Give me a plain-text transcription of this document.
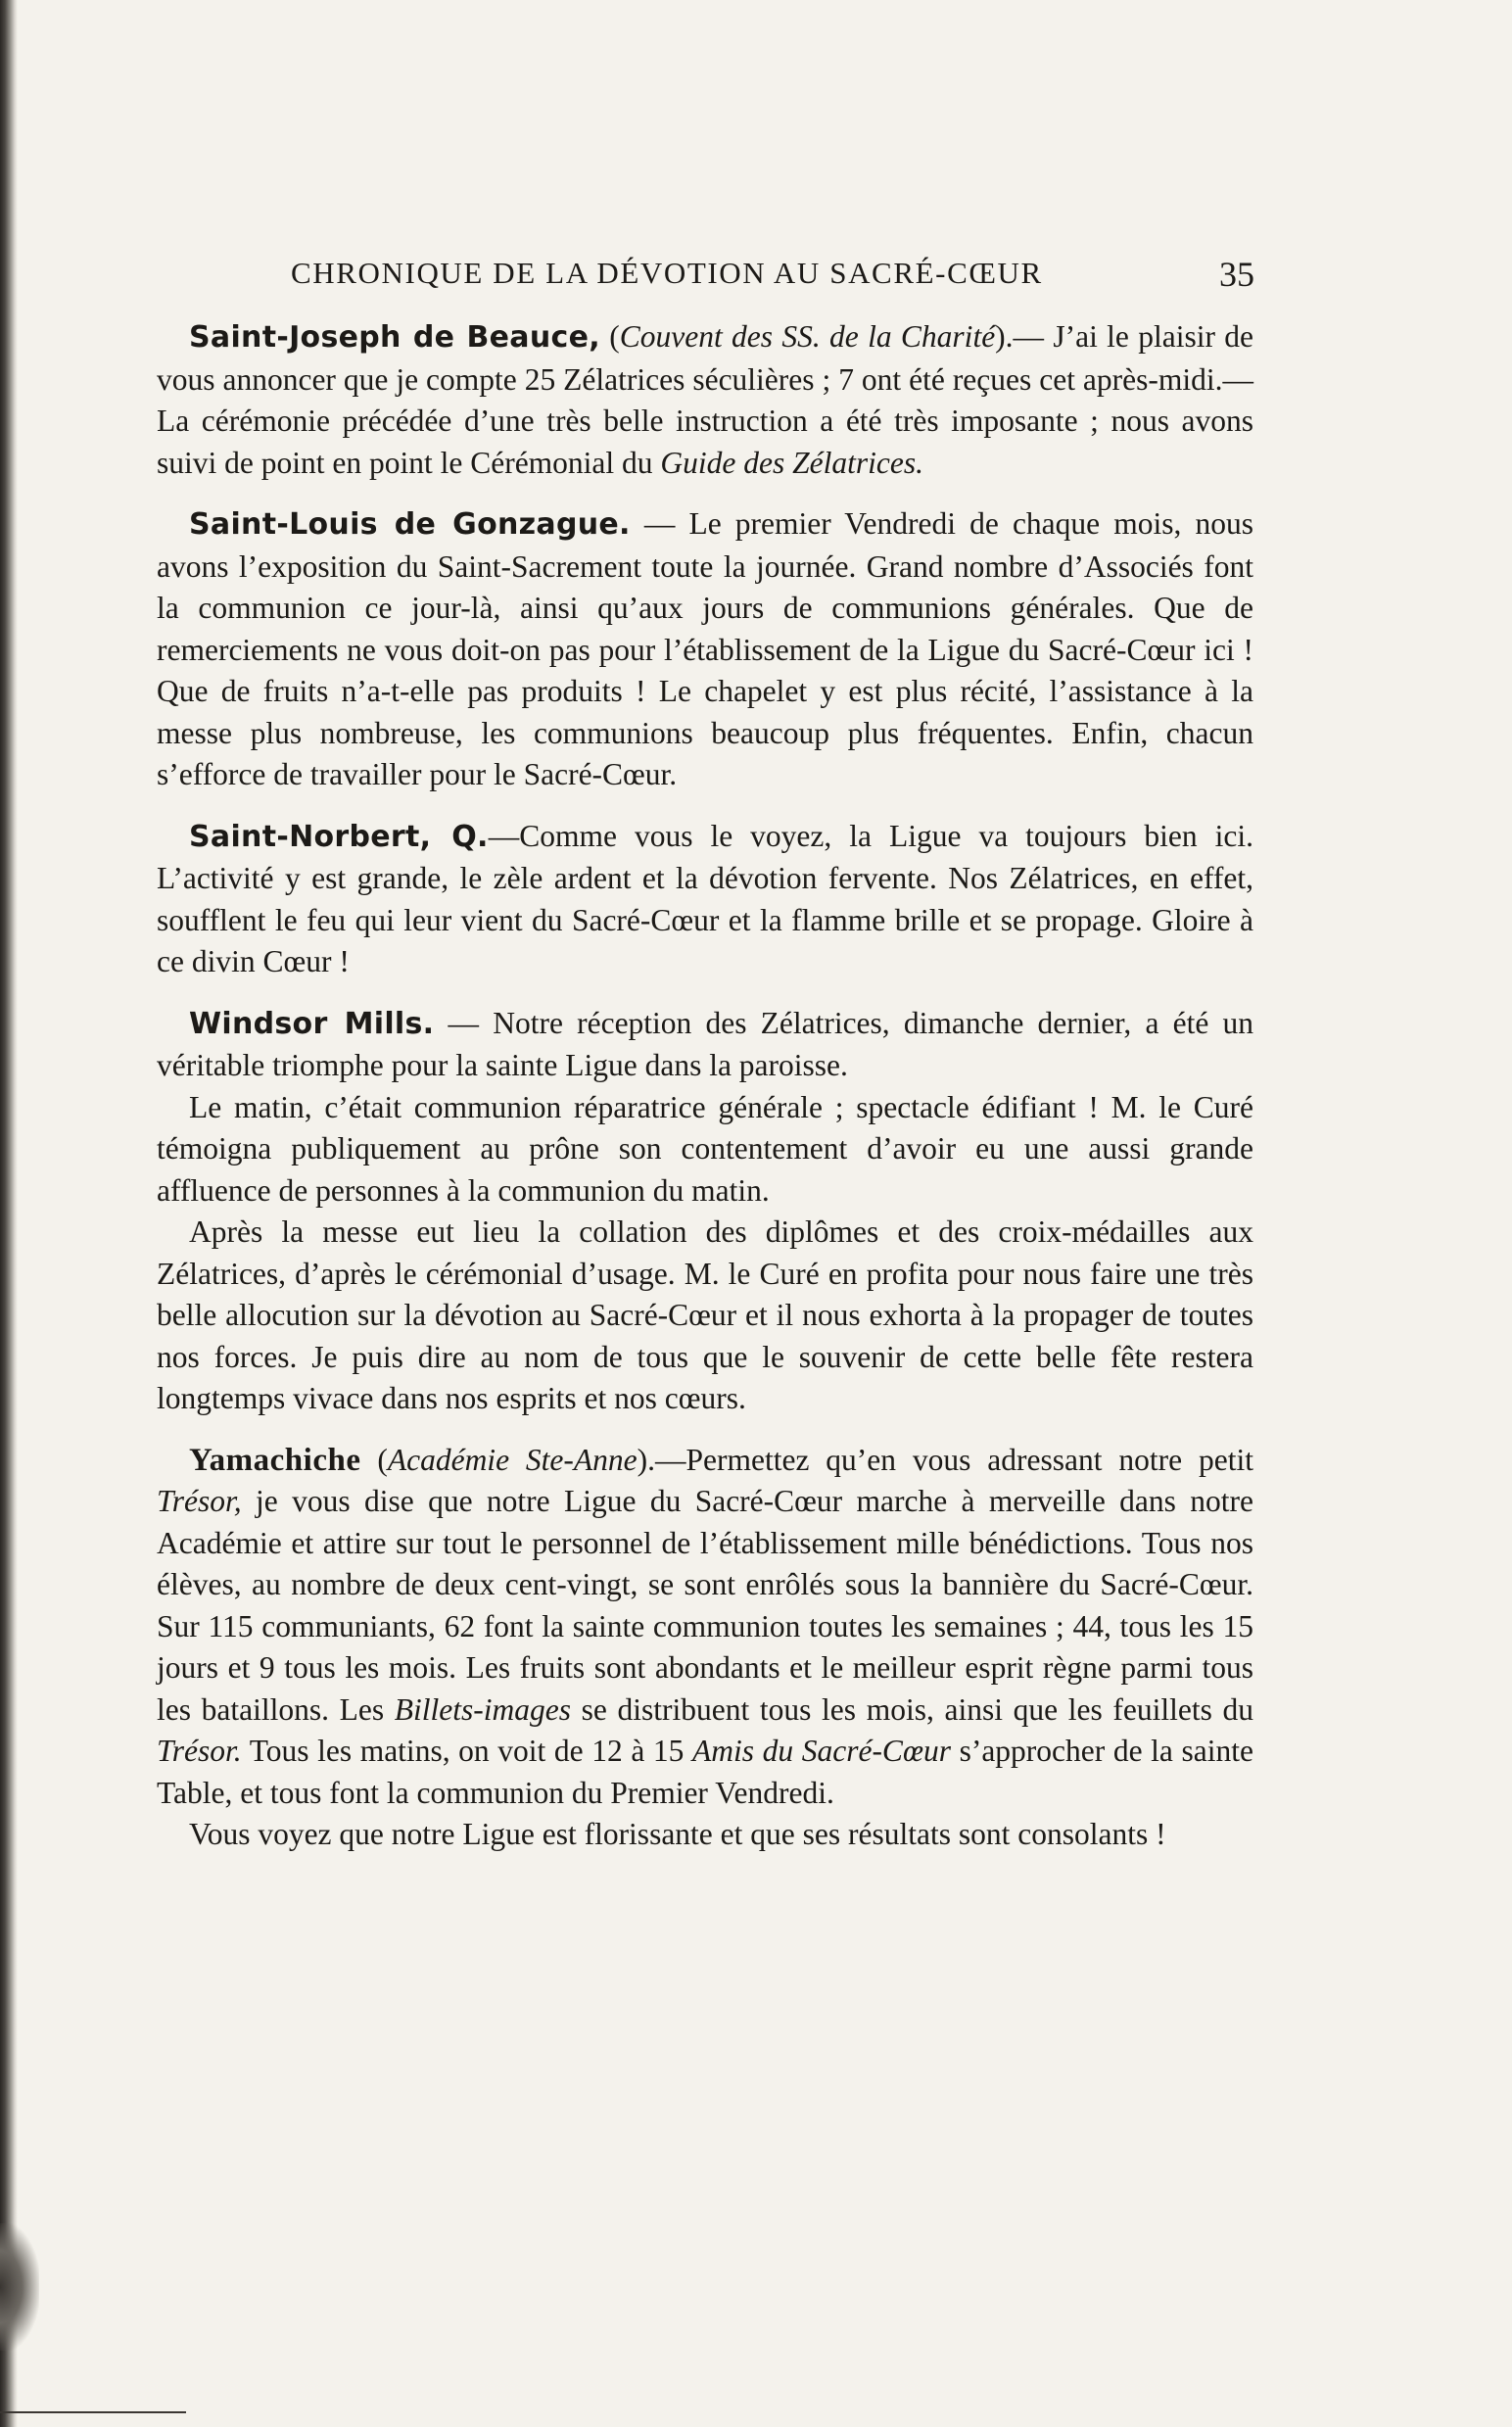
CHRONIQUE DE LA DÉVOTION AU SACRÉ-CŒUR	35

Saint-Joseph de Beauce, (Couvent des SS. de la Charité).— J’ai le plaisir de vous annoncer que je compte 25 Zélatrices séculières ; 7 ont été reçues cet après-midi.—La cérémonie précédée d’une très belle instruction a été très imposante ; nous avons suivi de point en point le Cérémonial du Guide des Zélatrices.

Saint-Louis de Gonzague. — Le premier Vendredi de chaque mois, nous avons l’exposition du Saint-Sacrement toute la journée. Grand nombre d’Associés font la communion ce jour-là, ainsi qu’aux jours de communions générales. Que de remerciements ne vous doit-on pas pour l’établissement de la Ligue du Sacré-Cœur ici ! Que de fruits n’a-t-elle pas produits ! Le chapelet y est plus récité, l’assistance à la messe plus nombreuse, les communions beaucoup plus fréquentes. Enfin, chacun s’efforce de travailler pour le Sacré-Cœur.

Saint-Norbert, Q.—Comme vous le voyez, la Ligue va toujours bien ici. L’activité y est grande, le zèle ardent et la dévotion fervente. Nos Zélatrices, en effet, soufflent le feu qui leur vient du Sacré-Cœur et la flamme brille et se propage. Gloire à ce divin Cœur !

Windsor Mills. — Notre réception des Zélatrices, dimanche dernier, a été un véritable triomphe pour la sainte Ligue dans la paroisse.

Le matin, c’était communion réparatrice générale ; spectacle édifiant ! M. le Curé témoigna publiquement au prône son contentement d’avoir eu une aussi grande affluence de personnes à la communion du matin.

Après la messe eut lieu la collation des diplômes et des croix-médailles aux Zélatrices, d’après le cérémonial d’usage. M. le Curé en profita pour nous faire une très belle allocution sur la dévotion au Sacré-Cœur et il nous exhorta à la propager de toutes nos forces. Je puis dire au nom de tous que le souvenir de cette belle fête restera longtemps vivace dans nos esprits et nos cœurs.

Yamachiche (Académie Ste-Anne).—Permettez qu’en vous adressant notre petit Trésor, je vous dise que notre Ligue du Sacré-Cœur marche à merveille dans notre Académie et attire sur tout le personnel de l’établissement mille bénédictions. Tous nos élèves, au nombre de deux cent-vingt, se sont enrôlés sous la bannière du Sacré-Cœur. Sur 115 communiants, 62 font la sainte communion toutes les semaines ; 44, tous les 15 jours et 9 tous les mois. Les fruits sont abondants et le meilleur esprit règne parmi tous les bataillons. Les Billets-images se distribuent tous les mois, ainsi que les feuillets du Trésor. Tous les matins, on voit de 12 à 15 Amis du Sacré-Cœur s’approcher de la sainte Table, et tous font la communion du Premier Vendredi.

Vous voyez que notre Ligue est florissante et que ses résultats sont consolants !
